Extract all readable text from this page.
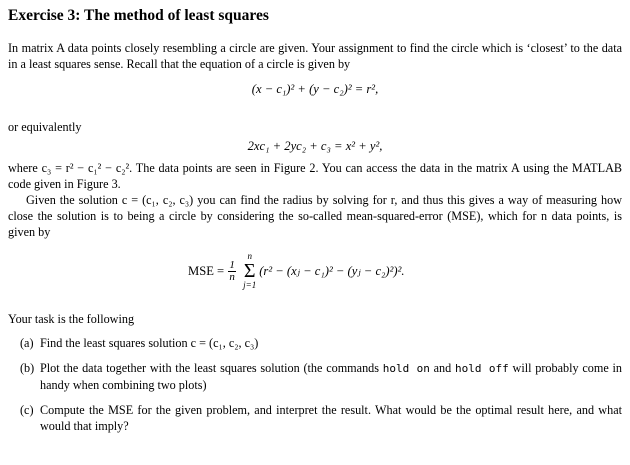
Exercise 3: The method of least squares

In matrix A data points closely resembling a circle are given. Your assignment to find the circle which is ‘closest’ to the data in a least squares sense. Recall that the equation of a circle is given by

(x − c₁)² + (y − c₂)² = r²,

or equivalently

2xc₁ + 2yc₂ + c₃ = x² + y²,

where c₃ = r² − c₁² − c₂². The data points are seen in Figure 2. You can access the data in the matrix A using the MATLAB code given in Figure 3.

Given the solution c = (c₁, c₂, c₃) you can find the radius by solving for r, and thus this gives a way of measuring how close the solution is to being a circle by considering the so-called mean-squared-error (MSE), which for n data points, is given by

MSE = $\frac{1}{n}$
n
Σ
j=1
(r² − (xⱼ − c₁)² − (yⱼ − c₂)²)².
Your task is the following
(a) Find the least squares solution c = (c₁, c₂, c₃)
(b) Plot the data together with the least squares solution (the commands hold on and hold off will probably come in handy when combining two plots)
(c) Compute the MSE for the given problem, and interpret the result. What would be the optimal result here, and what would that imply?
